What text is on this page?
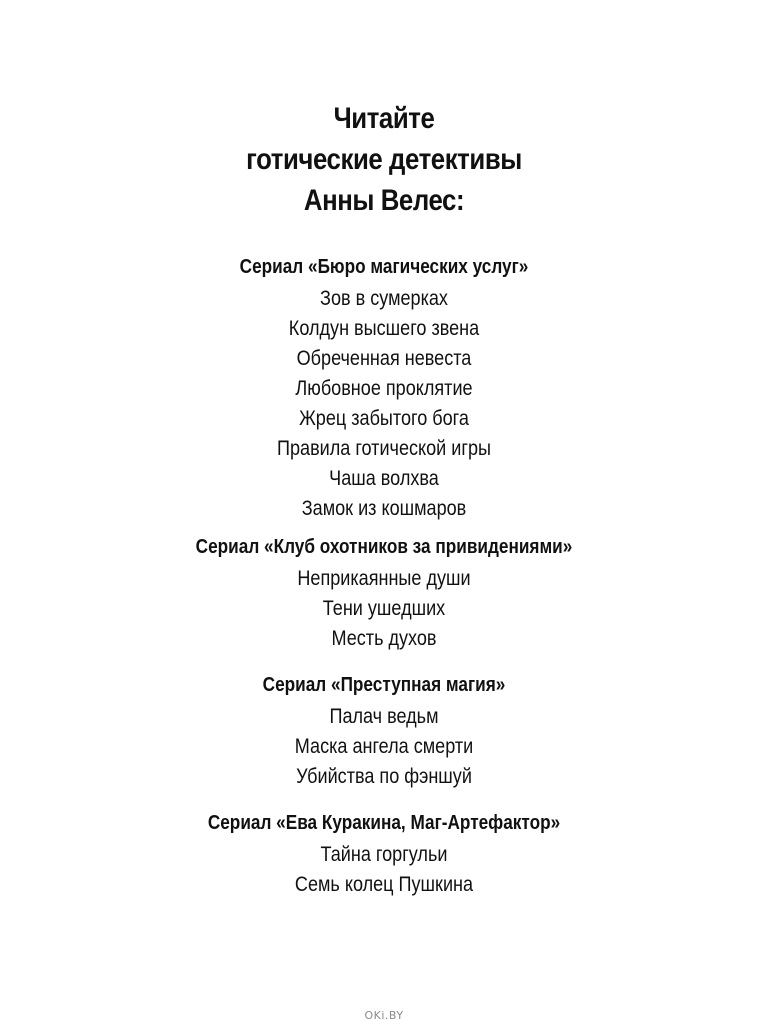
Читайте
готические детективы
Анны Велес:
Сериал «Бюро магических услуг»
Зов в сумерках
Колдун высшего звена
Обреченная невеста
Любовное проклятие
Жрец забытого бога
Правила готической игры
Чаша волхва
Замок из кошмаров
Сериал «Клуб охотников за привидениями»
Неприкаянные души
Тени ушедших
Месть духов
Сериал «Преступная магия»
Палач ведьм
Маска ангела смерти
Убийства по фэншуй
Сериал «Ева Куракина, Маг-Артефактор»
Тайна горгульи
Семь колец Пушкина
OKi.BY
